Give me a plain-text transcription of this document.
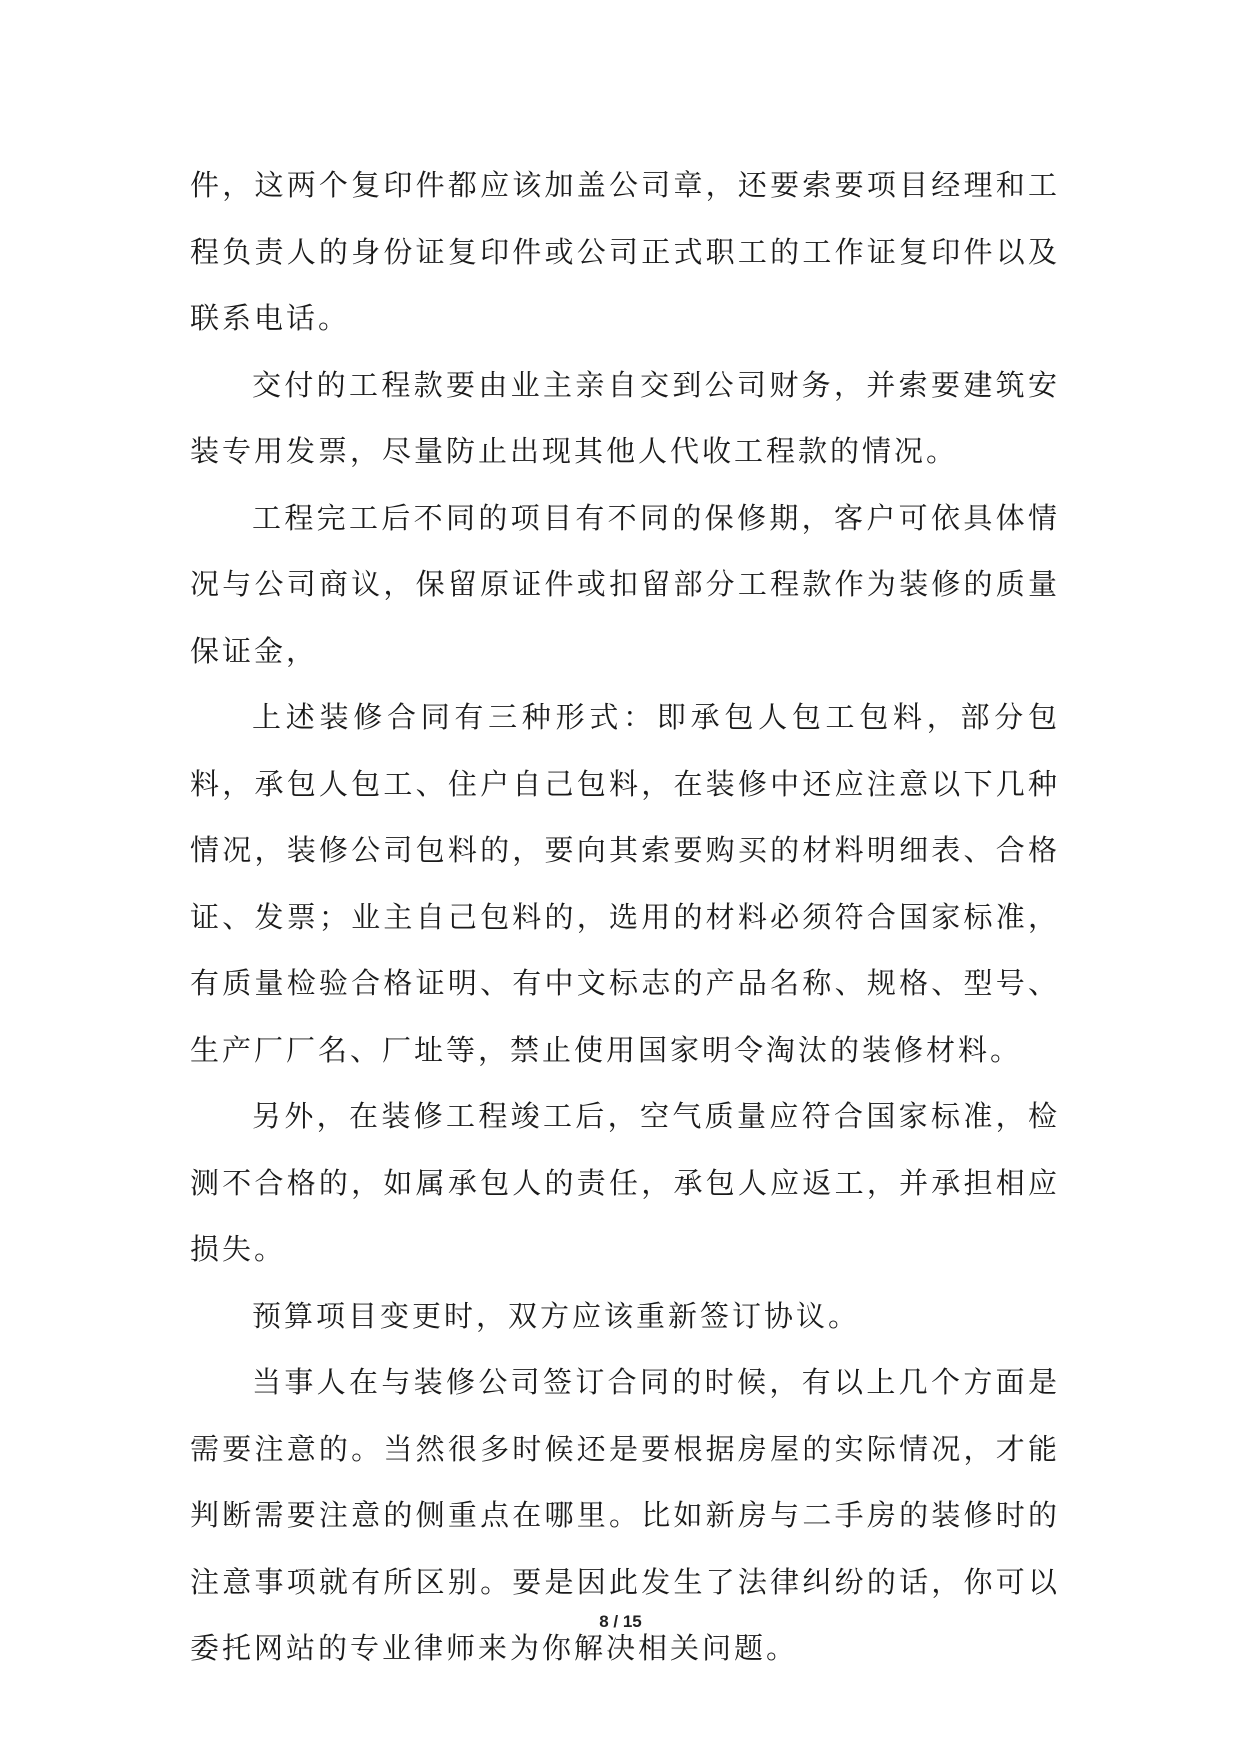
件，这两个复印件都应该加盖公司章，还要索要项目经理和工程负责人的身份证复印件或公司正式职工的工作证复印件以及联系电话。

交付的工程款要由业主亲自交到公司财务，并索要建筑安装专用发票，尽量防止出现其他人代收工程款的情况。

工程完工后不同的项目有不同的保修期，客户可依具体情况与公司商议，保留原证件或扣留部分工程款作为装修的质量保证金，

上述装修合同有三种形式：即承包人包工包料，部分包料，承包人包工、住户自己包料，在装修中还应注意以下几种情况，装修公司包料的，要向其索要购买的材料明细表、合格证、发票；业主自己包料的，选用的材料必须符合国家标准，有质量检验合格证明、有中文标志的产品名称、规格、型号、生产厂厂名、厂址等，禁止使用国家明令淘汰的装修材料。

另外，在装修工程竣工后，空气质量应符合国家标准，检测不合格的，如属承包人的责任，承包人应返工，并承担相应损失。

预算项目变更时，双方应该重新签订协议。

当事人在与装修公司签订合同的时候，有以上几个方面是需要注意的。当然很多时候还是要根据房屋的实际情况，才能判断需要注意的侧重点在哪里。比如新房与二手房的装修时的注意事项就有所区别。要是因此发生了法律纠纷的话，你可以委托网站的专业律师来为你解决相关问题。

8 / 15
